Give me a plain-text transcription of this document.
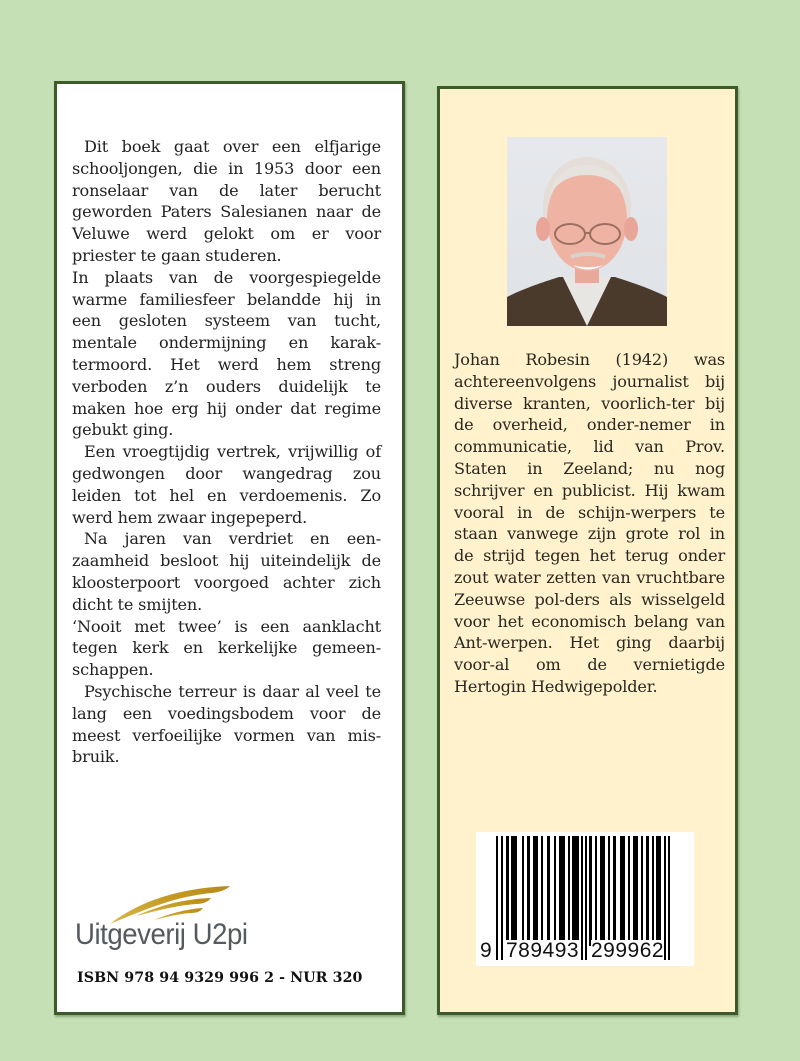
Dit boek gaat over een elfjarige schooljongen, die in 1953 door een ronselaar van de later berucht geworden Paters Salesianen naar de Veluwe werd gelokt om er voor priester te gaan studeren.

In plaats van de voorgespiegelde warme familiesfeer belandde hij in een gesloten systeem van tucht, mentale ondermijning en karak-termoord. Het werd hem streng verboden z’n ouders duidelijk te maken hoe erg hij onder dat regime gebukt ging.

Een vroegtijdig vertrek, vrijwillig of gedwongen door wangedrag zou leiden tot hel en verdoemenis. Zo werd hem zwaar ingepeperd.

Na jaren van verdriet en een-zaamheid besloot hij uiteindelijk de kloosterpoort voorgoed achter zich dicht te smijten.

‘Nooit met twee’ is een aanklacht tegen kerk en kerkelijke gemeen-schappen.

Psychische terreur is daar al veel te lang een voedingsbodem voor de meest verfoeilijke vormen van mis-bruik.

Uitgeverij U2pi
ISBN 978 94 9329 996 2 - NUR 320

Johan Robesin (1942) was achtereenvolgens journalist bij diverse kranten, voorlich-ter bij de overheid, onder-nemer in communicatie, lid van Prov. Staten in Zeeland; nu nog schrijver en publicist. Hij kwam vooral in de schijn-werpers te staan vanwege zijn grote rol in de strijd tegen het terug onder zout water zetten van vruchtbare Zeeuwse pol-ders als wisselgeld voor het economisch belang van Ant-werpen. Het ging daarbij voor-al om de vernietigde Hertogin Hedwigepolder.

9 789493 299962
